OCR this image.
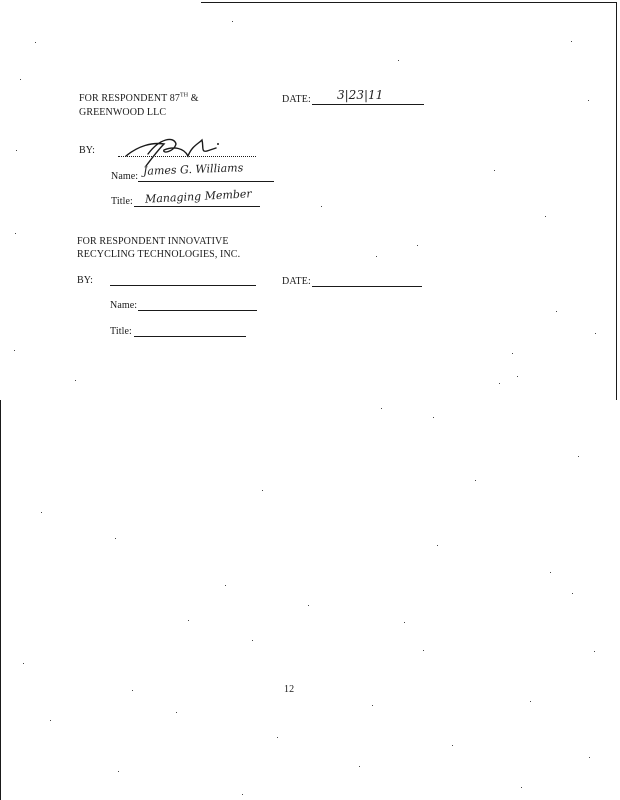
FOR RESPONDENT 87TH &
GREENWOOD LLC
DATE: 3|23|11
BY:
Name: James G. Williams
Title: Managing Member
FOR RESPONDENT INNOVATIVE
RECYCLING TECHNOLOGIES, INC.
BY:	DATE:
Name:
Title:
12
